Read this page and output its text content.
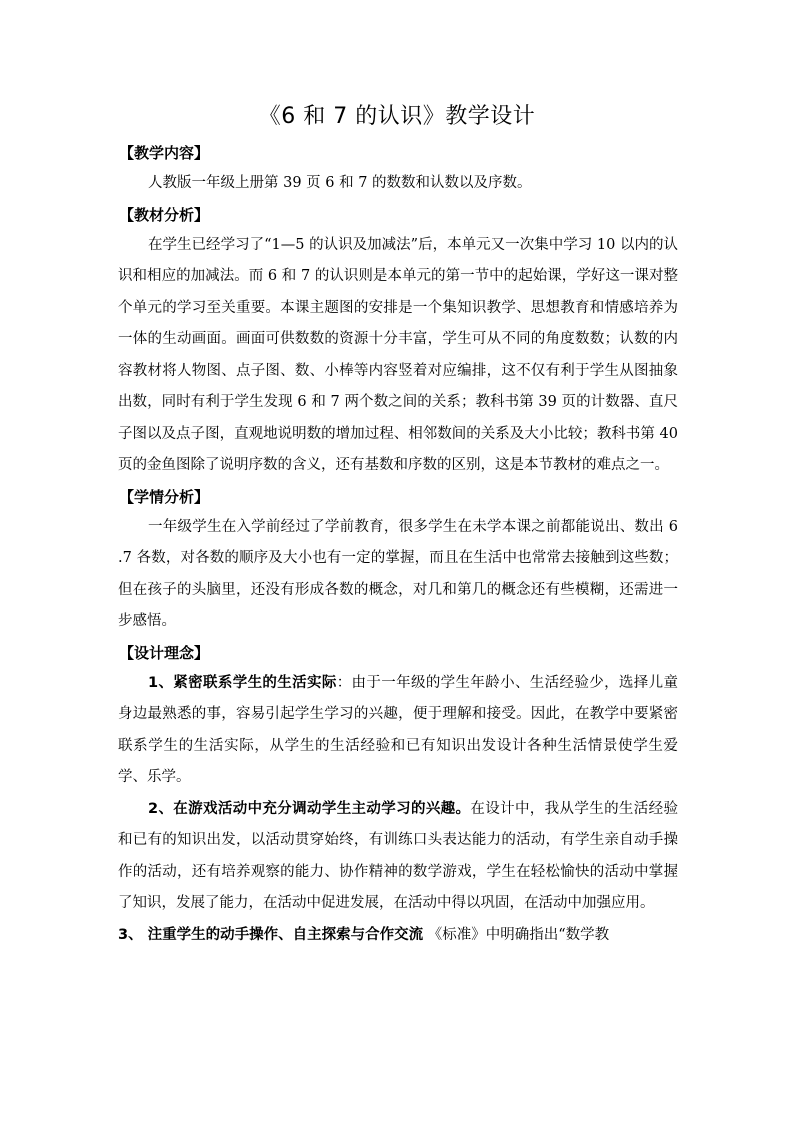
《6 和 7 的认识》教学设计
【教学内容】

人教版一年级上册第 39 页 6 和 7 的数数和认数以及序数。

【教材分析】

在学生已经学习了“1—5 的认识及加减法”后，本单元又一次集中学习 10 以内的认识和相应的加减法。而 6 和 7 的认识则是本单元的第一节中的起始课，学好这一课对整个单元的学习至关重要。本课主题图的安排是一个集知识教学、思想教育和情感培养为一体的生动画面。画面可供数数的资源十分丰富，学生可从不同的角度数数；认数的内容教材将人物图、点子图、数、小棒等内容竖着对应编排，这不仅有利于学生从图抽象出数，同时有利于学生发现 6 和 7 两个数之间的关系；教科书第 39 页的计数器、直尺子图以及点子图，直观地说明数的增加过程、相邻数间的关系及大小比较；教科书第 40 页的金鱼图除了说明序数的含义，还有基数和序数的区别，这是本节教材的难点之一。

【学情分析】

一年级学生在入学前经过了学前教育，很多学生在未学本课之前都能说出、数出 6 .7 各数，对各数的顺序及大小也有一定的掌握，而且在生活中也常常去接触到这些数；但在孩子的头脑里，还没有形成各数的概念，对几和第几的概念还有些模糊，还需进一步感悟。

【设计理念】

1、紧密联系学生的生活实际：由于一年级的学生年龄小、生活经验少，选择儿童身边最熟悉的事，容易引起学生学习的兴趣，便于理解和接受。因此，在教学中要紧密联系学生的生活实际，从学生的生活经验和已有知识出发设计各种生活情景使学生爱学、乐学。

2、在游戏活动中充分调动学生主动学习的兴趣。在设计中，我从学生的生活经验和已有的知识出发，以活动贯穿始终，有训练口头表达能力的活动，有学生亲自动手操作的活动，还有培养观察的能力、协作精神的数学游戏，学生在轻松愉快的活动中掌握了知识，发展了能力，在活动中促进发展，在活动中得以巩固，在活动中加强应用。

3、 注重学生的动手操作、自主探索与合作交流 《标准》中明确指出“数学教
